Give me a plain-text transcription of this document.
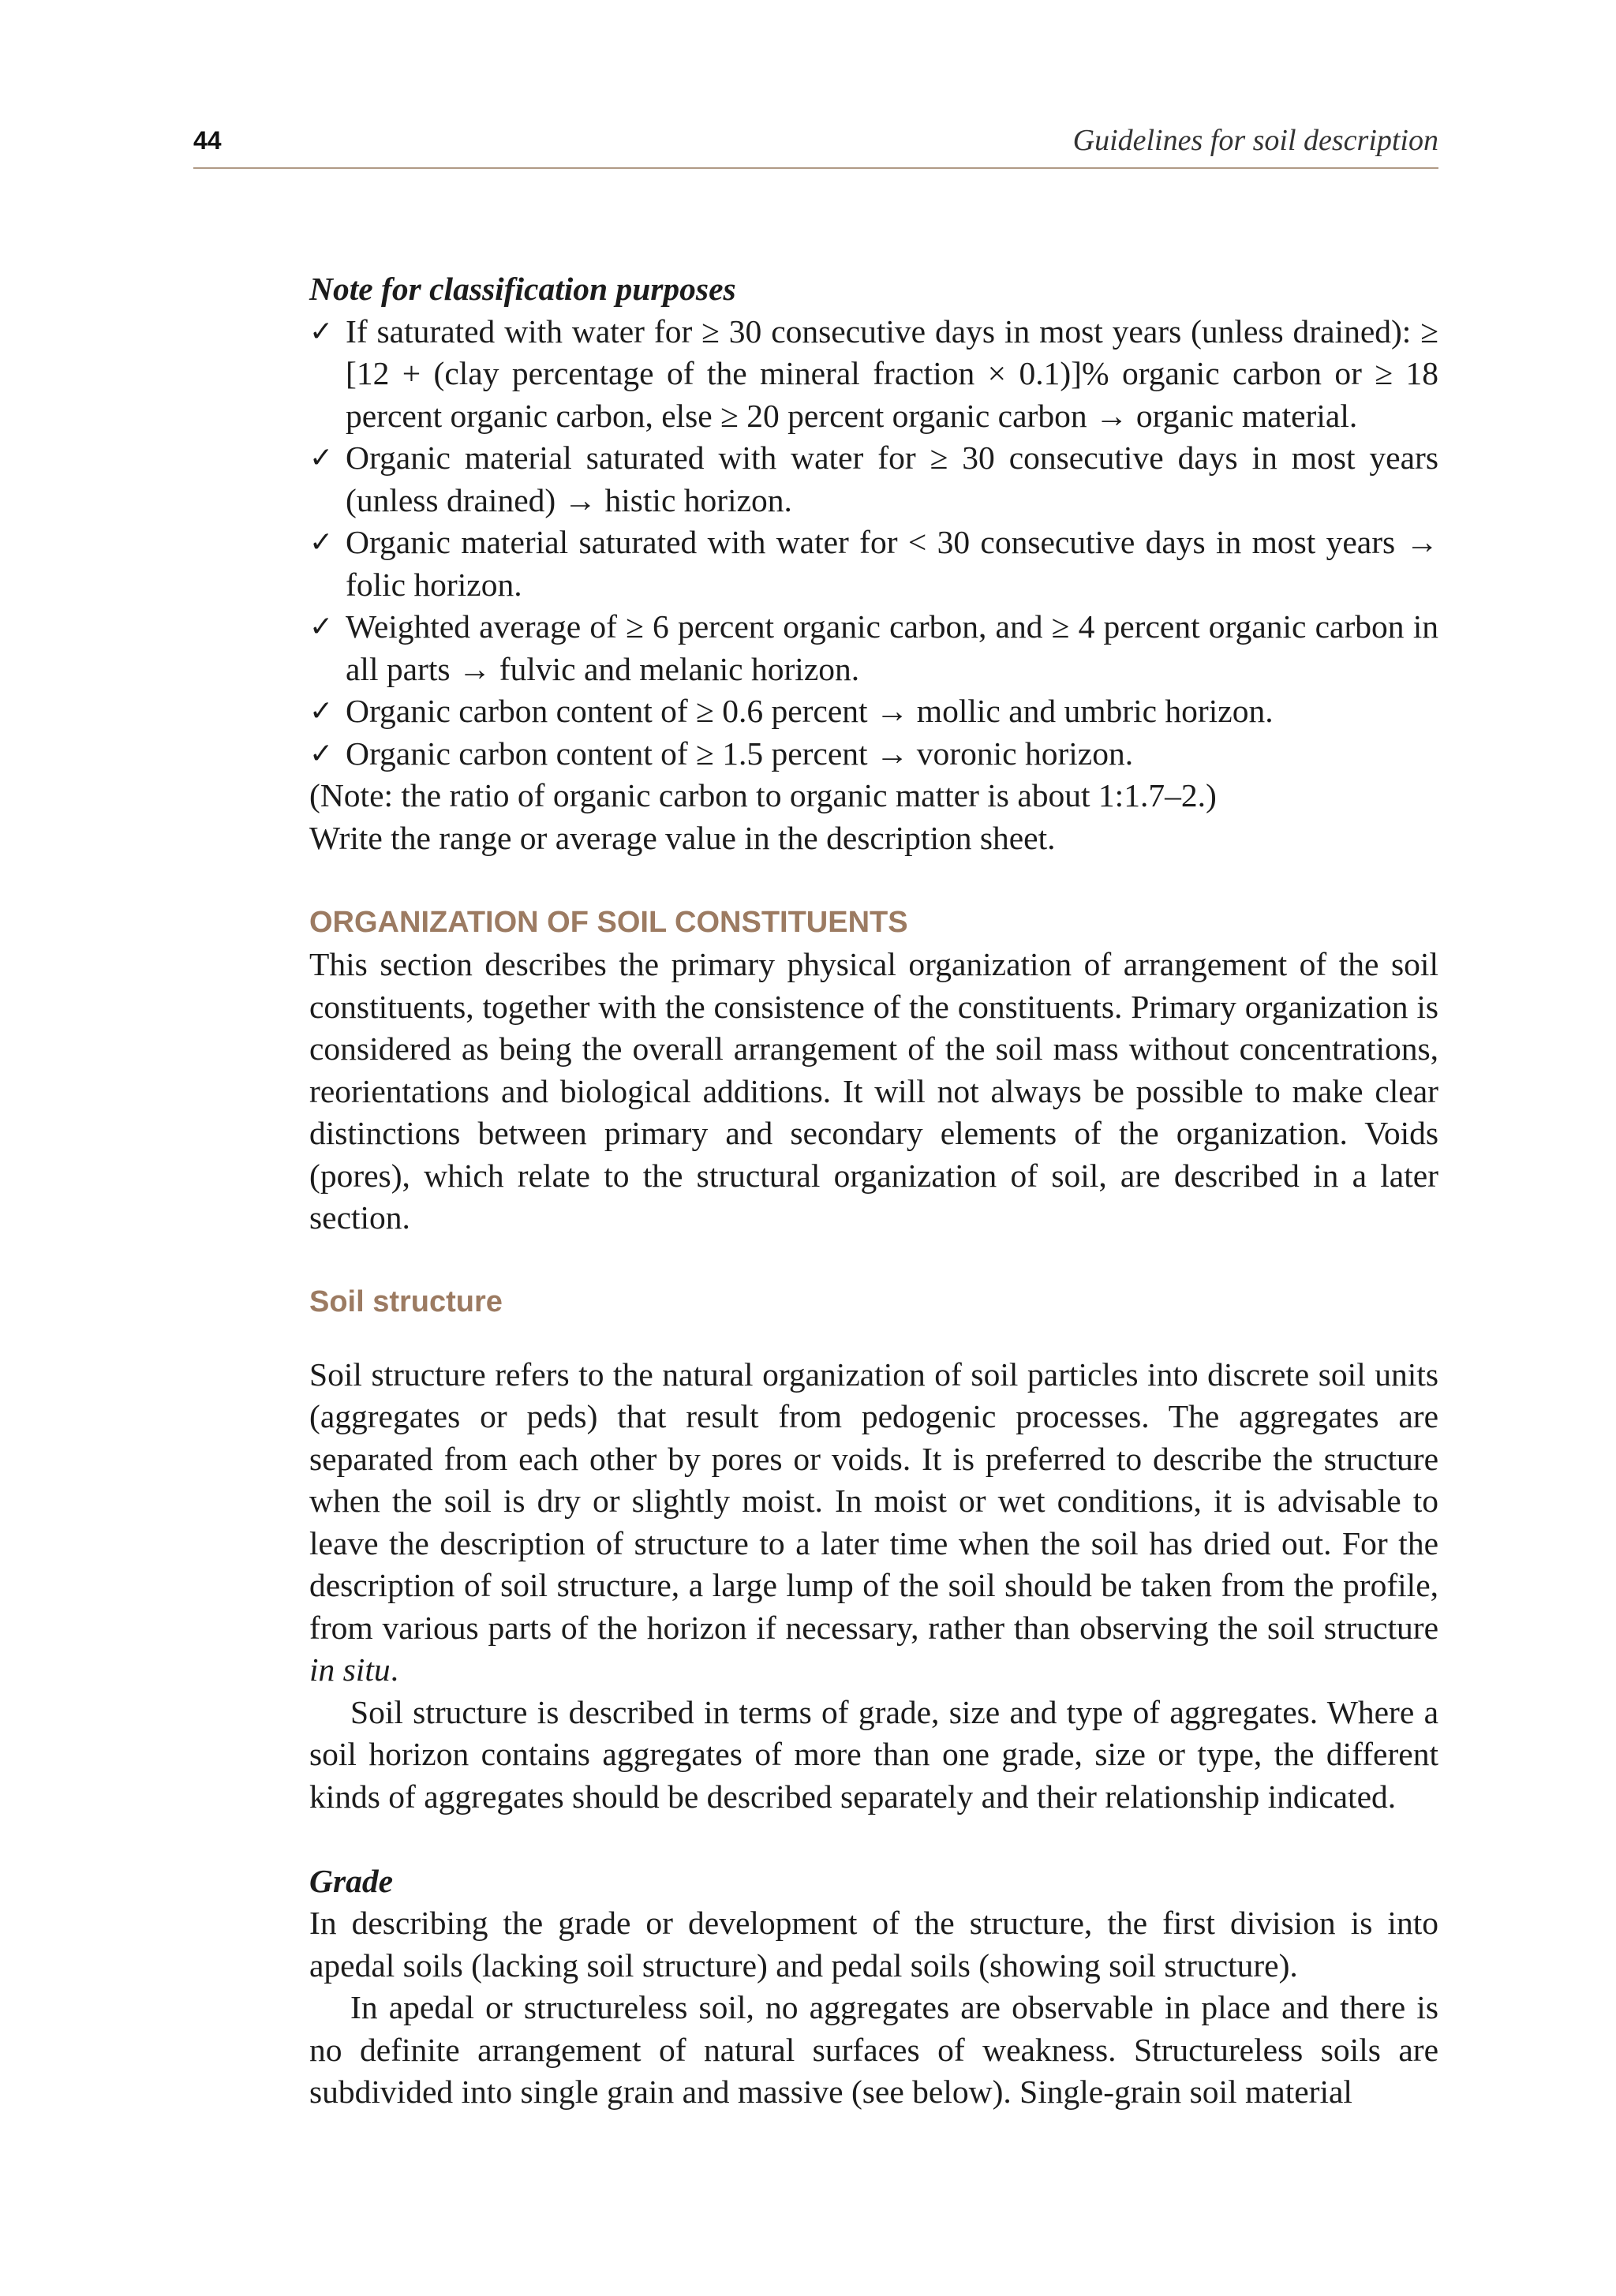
44	Guidelines for soil description

Note for classification purposes

✓ If saturated with water for ≥ 30 consecutive days in most years (unless drained): ≥ [12 + (clay percentage of the mineral fraction × 0.1)]% organic carbon or ≥ 18 percent organic carbon, else ≥ 20 percent organic carbon → organic material.
✓ Organic material saturated with water for ≥ 30 consecutive days in most years (unless drained) → histic horizon.
✓ Organic material saturated with water for < 30 consecutive days in most years → folic horizon.
✓ Weighted average of ≥ 6 percent organic carbon, and ≥ 4 percent organic carbon in all parts → fulvic and melanic horizon.
✓ Organic carbon content of ≥ 0.6 percent → mollic and umbric horizon.
✓ Organic carbon content of ≥ 1.5 percent → voronic horizon.

(Note: the ratio of organic carbon to organic matter is about 1:1.7–2.)

Write the range or average value in the description sheet.

ORGANIZATION OF SOIL CONSTITUENTS

This section describes the primary physical organization of arrangement of the soil constituents, together with the consistence of the constituents. Primary organization is considered as being the overall arrangement of the soil mass without concentrations, reorientations and biological additions. It will not always be possible to make clear distinctions between primary and secondary elements of the organization. Voids (pores), which relate to the structural organization of soil, are described in a later section.

Soil structure

Soil structure refers to the natural organization of soil particles into discrete soil units (aggregates or peds) that result from pedogenic processes. The aggregates are separated from each other by pores or voids. It is preferred to describe the structure when the soil is dry or slightly moist. In moist or wet conditions, it is advisable to leave the description of structure to a later time when the soil has dried out. For the description of soil structure, a large lump of the soil should be taken from the profile, from various parts of the horizon if necessary, rather than observing the soil structure in situ.

Soil structure is described in terms of grade, size and type of aggregates. Where a soil horizon contains aggregates of more than one grade, size or type, the different kinds of aggregates should be described separately and their relationship indicated.

Grade

In describing the grade or development of the structure, the first division is into apedal soils (lacking soil structure) and pedal soils (showing soil structure).

In apedal or structureless soil, no aggregates are observable in place and there is no definite arrangement of natural surfaces of weakness. Structureless soils are subdivided into single grain and massive (see below). Single-grain soil material
